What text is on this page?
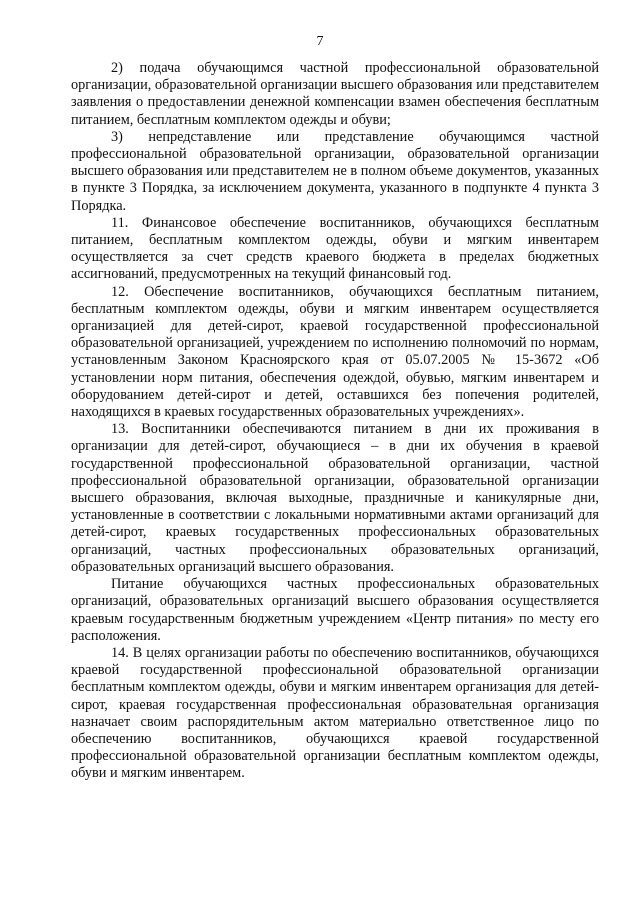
7

2) подача обучающимся частной профессиональной образовательной организации, образовательной организации высшего образования или представителем заявления о предоставлении денежной компенсации взамен обеспечения бесплатным питанием, бесплатным комплектом одежды и обуви;

3) непредставление или представление обучающимся частной профессиональной образовательной организации, образовательной организации высшего образования или представителем не в полном объеме документов, указанных в пункте 3 Порядка, за исключением документа, указанного в подпункте 4 пункта 3 Порядка.

11. Финансовое обеспечение воспитанников, обучающихся бесплатным питанием, бесплатным комплектом одежды, обуви и мягким инвентарем осуществляется за счет средств краевого бюджета в пределах бюджетных ассигнований, предусмотренных на текущий финансовый год.

12. Обеспечение воспитанников, обучающихся бесплатным питанием, бесплатным комплектом одежды, обуви и мягким инвентарем осуществляется организацией для детей-сирот, краевой государственной профессиональной образовательной организацией, учреждением по исполнению полномочий по нормам, установленным Законом Красноярского края от 05.07.2005 № 15-3672 «Об установлении норм питания, обеспечения одеждой, обувью, мягким инвентарем и оборудованием детей-сирот и детей, оставшихся без попечения родителей, находящихся в краевых государственных образовательных учреждениях».

13. Воспитанники обеспечиваются питанием в дни их проживания в организации для детей-сирот, обучающиеся – в дни их обучения в краевой государственной профессиональной образовательной организации, частной профессиональной образовательной организации, образовательной организации высшего образования, включая выходные, праздничные и каникулярные дни, установленные в соответствии с локальными нормативными актами организаций для детей-сирот, краевых государственных профессиональных образовательных организаций, частных профессиональных образовательных организаций, образовательных организаций высшего образования.

Питание обучающихся частных профессиональных образовательных организаций, образовательных организаций высшего образования осуществляется краевым государственным бюджетным учреждением «Центр питания» по месту его расположения.

14. В целях организации работы по обеспечению воспитанников, обучающихся краевой государственной профессиональной образовательной организации бесплатным комплектом одежды, обуви и мягким инвентарем организация для детей-сирот, краевая государственная профессиональная образовательная организация назначает своим распорядительным актом материально ответственное лицо по обеспечению воспитанников, обучающихся краевой государственной профессиональной образовательной организации бесплатным комплектом одежды, обуви и мягким инвентарем.
